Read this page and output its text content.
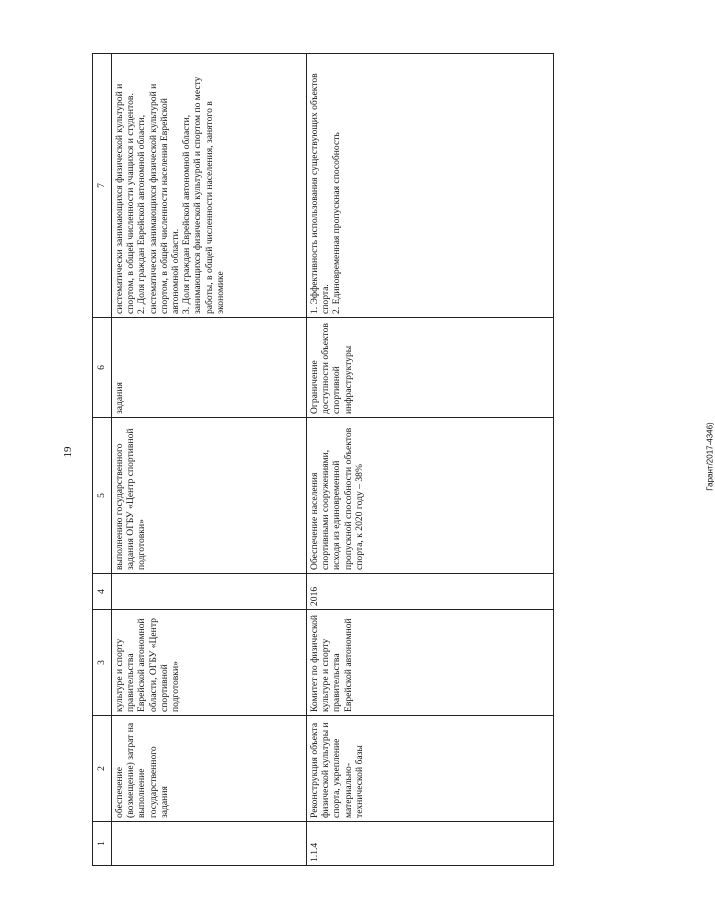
19
1	2	3	4	5	6	7
	обеспечение (возмещение) затрат на выполнение государственного задания	культуре и спорту правительства Еврейской автономной области, ОГБУ «Центр спортивной подготовки»		выполнению государственного задания ОГБУ «Центр спортивной подготовки»	задания	систематически занимающихся физической культурой и спортом, в общей численности учащихся и студентов.
2. Доля граждан Еврейской автономной области, систематически занимающихся физической культурой и спортом, в общей численности населения Еврейской автономной области.
3. Доля граждан Еврейской автономной области, занимающихся физической культурой и спортом по месту работы, в общей численности населения, занятого в экономике
1.1.4	Реконструкция объекта физической культуры и спорта, укрепление материально-технической базы	Комитет по физической культуре и спорту правительства Еврейской автономной	2016	Обеспечение населения спортивными сооружениями, исходя из единовременной пропускной способности объектов спорта, к 2020 году – 38%	Ограничение доступности объектов спортивной инфраструктуры	1. Эффективность использования существующих объектов спорта.
2. Единовременная пропускная способность
Гарант/2017-4346)
